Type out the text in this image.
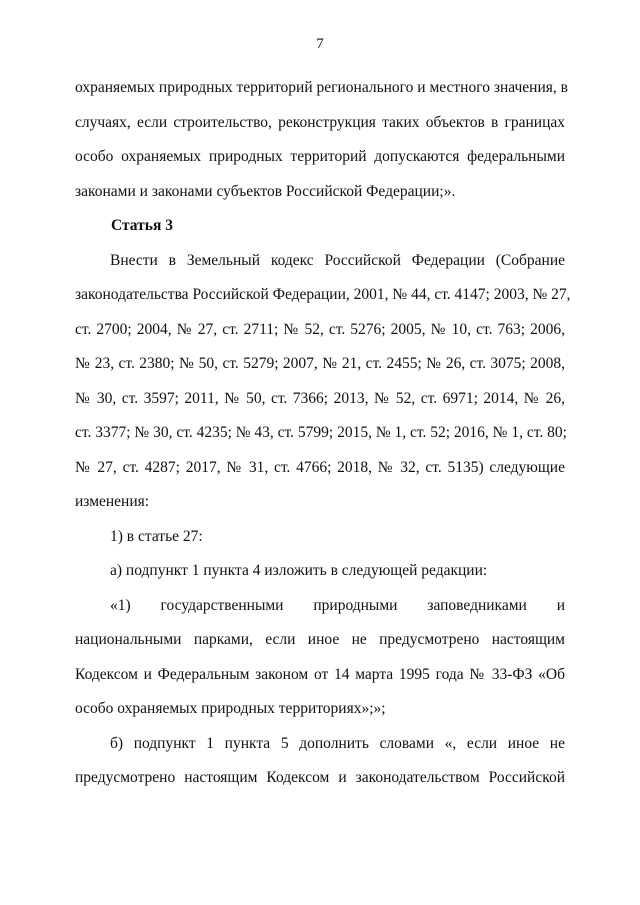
7
охраняемых природных территорий регионального и местного значения, в
случаях, если строительство, реконструкция таких объектов в границах
особо охраняемых природных территорий допускаются федеральными
законами и законами субъектов Российской Федерации;».
Статья 3
Внести в Земельный кодекс Российской Федерации (Собрание
законодательства Российской Федерации, 2001, № 44, ст. 4147; 2003, № 27,
ст. 2700; 2004, № 27, ст. 2711; № 52, ст. 5276; 2005, № 10, ст. 763; 2006,
№ 23, ст. 2380; № 50, ст. 5279; 2007, № 21, ст. 2455; № 26, ст. 3075; 2008,
№ 30, ст. 3597; 2011, № 50, ст. 7366; 2013, № 52, ст. 6971; 2014, № 26,
ст. 3377; № 30, ст. 4235; № 43, ст. 5799; 2015, № 1, ст. 52; 2016, № 1, ст. 80;
№ 27, ст. 4287; 2017, № 31, ст. 4766; 2018, № 32, ст. 5135) следующие
изменения:
1) в статье 27:
а) подпункт 1 пункта 4 изложить в следующей редакции:
«1) государственными природными заповедниками и
национальными парками, если иное не предусмотрено настоящим
Кодексом и Федеральным законом от 14 марта 1995 года № 33-ФЗ «Об
особо охраняемых природных территориях»;»;
б) подпункт 1 пункта 5 дополнить словами «, если иное не
предусмотрено настоящим Кодексом и законодательством Российской
